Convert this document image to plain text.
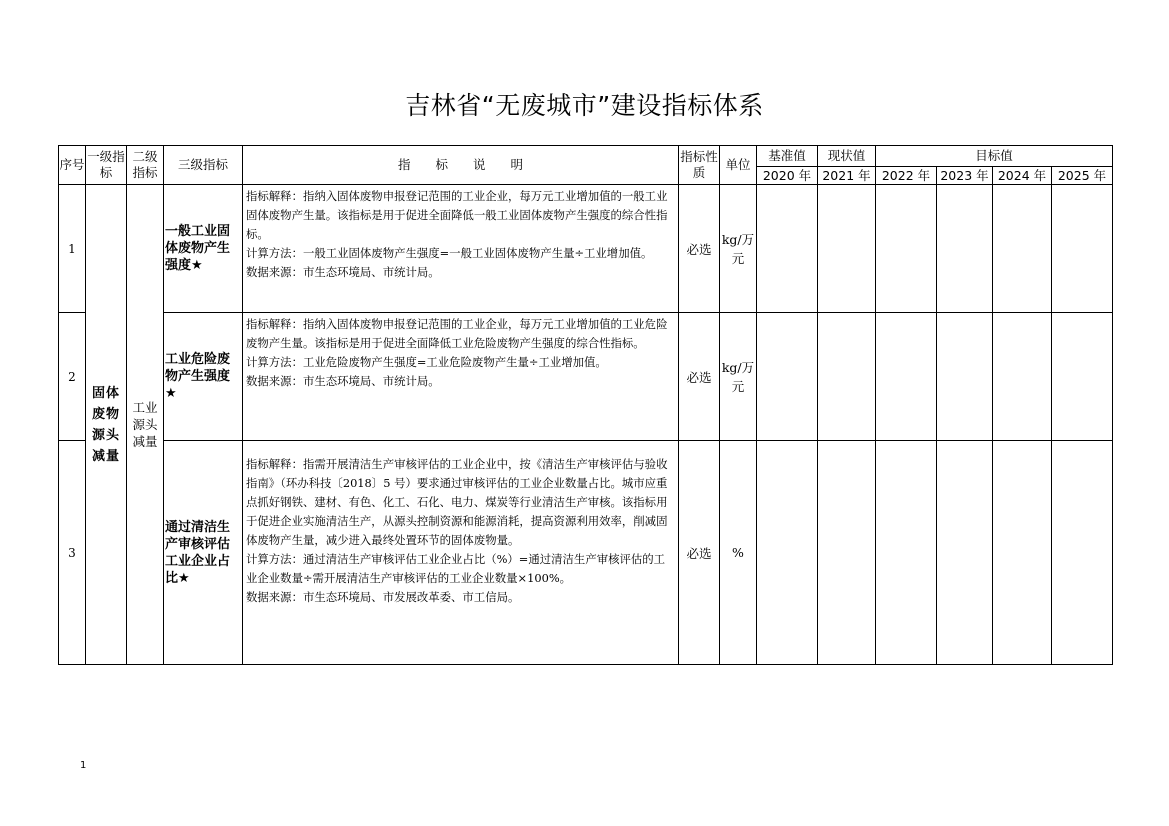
吉林省“无废城市”建设指标体系
序号	一级指标	二级指标	三级指标	指　　标　　说　　明	指标性质	单位	基准值	现状值	目标值			
							2020 年	2021 年	2022 年	2023 年	2024 年	2025 年
1	固体废物源头减量	工业源头减量	一般工业固体废物产生强度★	指标解释：指纳入固体废物申报登记范围的工业企业，每万元工业增加值的一般工业固体废物产生量。该指标是用于促进全面降低一般工业固体废物产生强度的综合性指标。
计算方法：一般工业固体废物产生强度=一般工业固体废物产生量÷工业增加值。
数据来源：市生态环境局、市统计局。	必选	kg/万元						
2			工业危险废物产生强度★	指标解释：指纳入固体废物申报登记范围的工业企业，每万元工业增加值的工业危险废物产生量。该指标是用于促进全面降低工业危险废物产生强度的综合性指标。
计算方法：工业危险废物产生强度=工业危险废物产生量÷工业增加值。
数据来源：市生态环境局、市统计局。	必选	kg/万元						
3			通过清洁生产审核评估工业企业占比★	指标解释：指需开展清洁生产审核评估的工业企业中，按《清洁生产审核评估与验收指南》（环办科技〔2018〕5 号）要求通过审核评估的工业企业数量占比。城市应重点抓好钢铁、建材、有色、化工、石化、电力、煤炭等行业清洁生产审核。该指标用于促进企业实施清洁生产，从源头控制资源和能源消耗，提高资源利用效率，削减固体废物产生量，减少进入最终处置环节的固体废物量。
计算方法：通过清洁生产审核评估工业企业占比（%）=通过清洁生产审核评估的工业企业数量÷需开展清洁生产审核评估的工业企业数量×100%。
数据来源：市生态环境局、市发展改革委、市工信局。	必选	%						
1
